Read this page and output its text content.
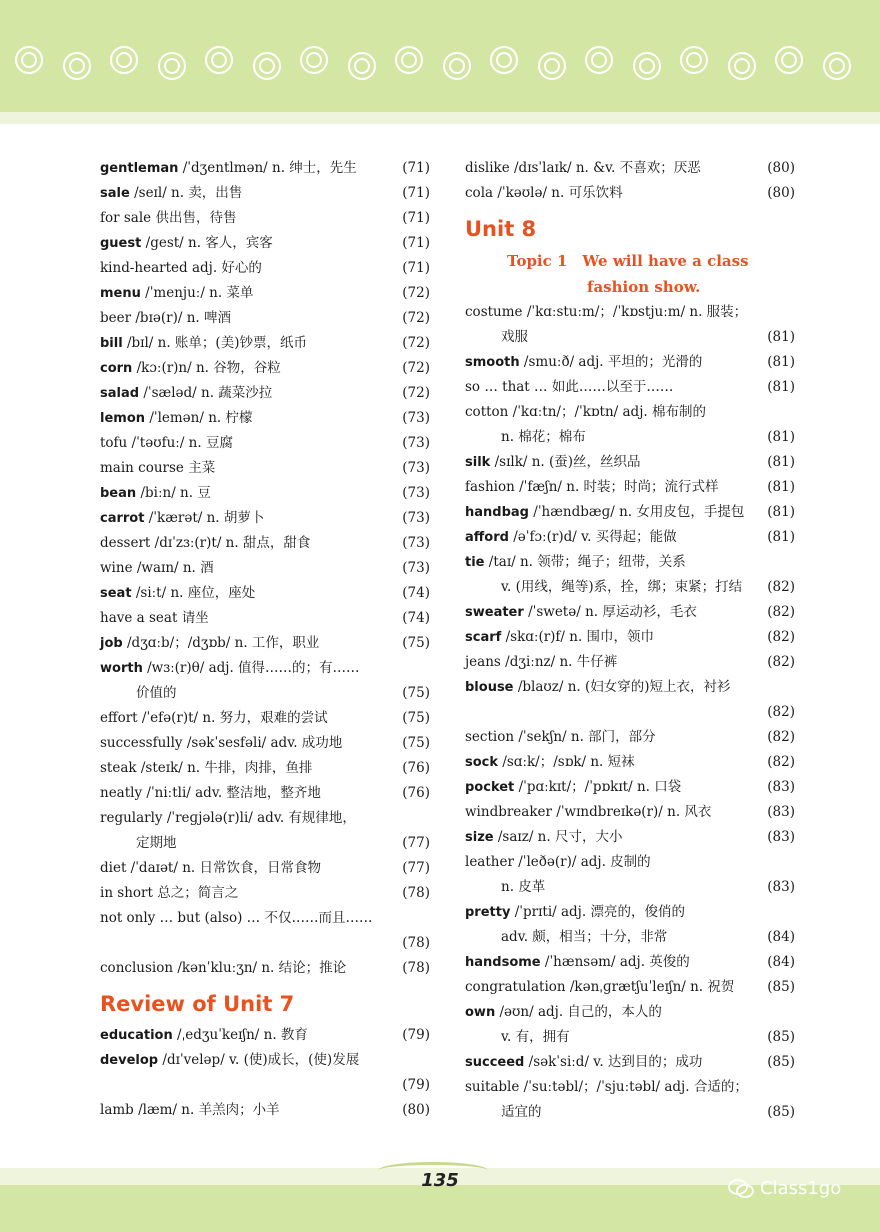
gentleman /ˈdʒentlmən/ n. 绅士，先生	(71)
sale /seɪl/ n. 卖，出售	(71)
for sale 供出售，待售	(71)
guest /gest/ n. 客人，宾客	(71)
kind-hearted adj. 好心的	(71)
menu /ˈmenjuː/ n. 菜单	(72)
beer /bɪə(r)/ n. 啤酒	(72)
bill /bɪl/ n. 账单；(美)钞票，纸币	(72)
corn /kɔː(r)n/ n. 谷物，谷粒	(72)
salad /ˈsæləd/ n. 蔬菜沙拉	(72)
lemon /ˈlemən/ n. 柠檬	(73)
tofu /ˈtəʊfuː/ n. 豆腐	(73)
main course 主菜	(73)
bean /biːn/ n. 豆	(73)
carrot /ˈkærət/ n. 胡萝卜	(73)
dessert /dɪˈzɜː(r)t/ n. 甜点，甜食	(73)
wine /waɪn/ n. 酒	(73)
seat /siːt/ n. 座位，座处	(74)
have a seat 请坐	(74)
job /dʒɑːb/；/dʒɒb/ n. 工作，职业	(75)
worth /wɜː(r)θ/ adj. 值得……的；有……
价值的	(75)
effort /ˈefə(r)t/ n. 努力，艰难的尝试	(75)
successfully /səkˈsesfəli/ adv. 成功地	(75)
steak /steɪk/ n. 牛排，肉排，鱼排	(76)
neatly /ˈniːtli/ adv. 整洁地，整齐地	(76)
regularly /ˈreɡjələ(r)li/ adv. 有规律地，
定期地	(77)
diet /ˈdaɪət/ n. 日常饮食，日常食物	(77)
in short 总之；简言之	(78)
not only … but (also) … 不仅……而且……

(78)
conclusion /kənˈkluːʒn/ n. 结论；推论	(78)
Review of Unit 7
education /ˌedʒuˈkeɪʃn/ n. 教育	(79)
develop /dɪˈveləp/ v. (使)成长，(使)发展

(79)
lamb /læm/ n. 羊羔肉；小羊	(80)
dislike /dɪsˈlaɪk/ n. &v. 不喜欢；厌恶	(80)
cola /ˈkəʊlə/ n. 可乐饮料	(80)
Unit 8
Topic 1　We will have a class
fashion show.
costume /ˈkɑːstuːm/；/ˈkɒstjuːm/ n. 服装；
戏服	(81)
smooth /smuːð/ adj. 平坦的；光滑的	(81)
so … that … 如此……以至于……	(81)
cotton /ˈkɑːtn/；/ˈkɒtn/ adj. 棉布制的
n. 棉花；棉布	(81)
silk /sɪlk/ n. (蚕)丝，丝织品	(81)
fashion /ˈfæʃn/ n. 时装；时尚；流行式样	(81)
handbag /ˈhændbæɡ/ n. 女用皮包，手提包 (81)
afford /əˈfɔː(r)d/ v. 买得起；能做	(81)
tie /taɪ/ n. 领带；绳子；纽带，关系
v. (用线，绳等)系，拴，绑；束紧；打结	(82)
sweater /ˈswetə/ n. 厚运动衫，毛衣	(82)
scarf /skɑː(r)f/ n. 围巾，领巾	(82)
jeans /dʒiːnz/ n. 牛仔裤	(82)
blouse /blaʊz/ n. (妇女穿的)短上衣，衬衫

(82)
section /ˈsekʃn/ n. 部门，部分	(82)
sock /sɑːk/；/sɒk/ n. 短袜	(82)
pocket /ˈpɑːkɪt/；/ˈpɒkɪt/ n. 口袋	(83)
windbreaker /ˈwɪndbreɪkə(r)/ n. 风衣	(83)
size /saɪz/ n. 尺寸，大小	(83)
leather /ˈleðə(r)/ adj. 皮制的
n. 皮革	(83)
pretty /ˈprɪti/ adj. 漂亮的，俊俏的
adv. 颇，相当；十分，非常	(84)
handsome /ˈhænsəm/ adj. 英俊的	(84)
congratulation /kənˌɡrætʃuˈleɪʃn/ n. 祝贺 (85)
own /əʊn/ adj. 自己的，本人的
v. 有，拥有	(85)
succeed /səkˈsiːd/ v. 达到目的；成功	(85)
suitable /ˈsuːtəbl/；/ˈsjuːtəbl/ adj. 合适的；
适宜的	(85)
135	Class1go
